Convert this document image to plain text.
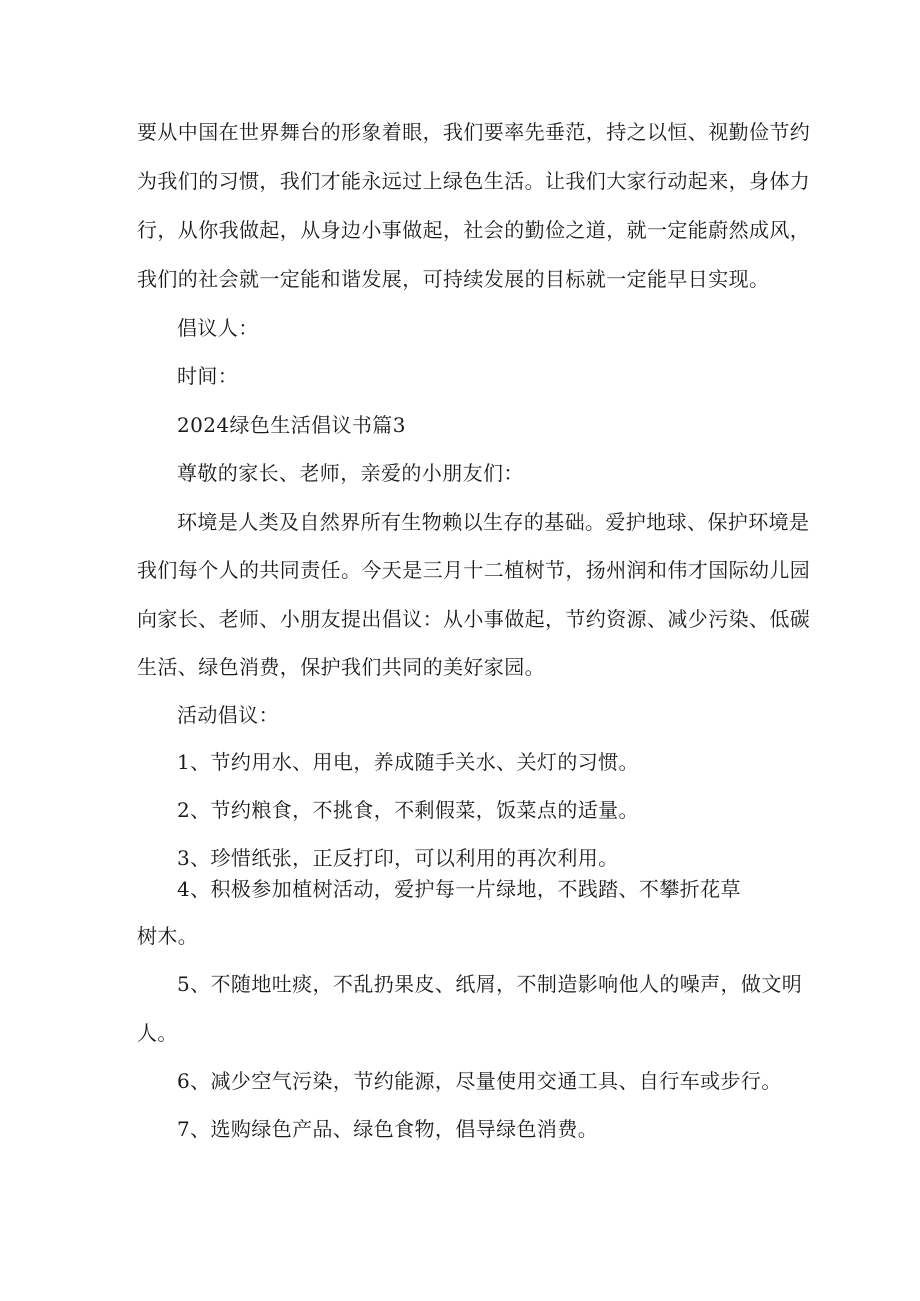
要从中国在世界舞台的形象着眼，我们要率先垂范，持之以恒、视勤俭节约
为我们的习惯，我们才能永远过上绿色生活。让我们大家行动起来，身体力
行，从你我做起，从身边小事做起，社会的勤俭之道，就一定能蔚然成风，
我们的社会就一定能和谐发展，可持续发展的目标就一定能早日实现。
倡议人：
时间：
2024绿色生活倡议书篇3
尊敬的家长、老师，亲爱的小朋友们：
环境是人类及自然界所有生物赖以生存的基础。爱护地球、保护环境是
我们每个人的共同责任。今天是三月十二植树节，扬州润和伟才国际幼儿园
向家长、老师、小朋友提出倡议：从小事做起，节约资源、减少污染、低碳
生活、绿色消费，保护我们共同的美好家园。
活动倡议：
1、节约用水、用电，养成随手关水、关灯的习惯。
2、节约粮食，不挑食，不剩假菜，饭菜点的适量。
3、珍惜纸张，正反打印，可以利用的再次利用。
4、积极参加植树活动，爱护每一片绿地，不践踏、不攀折花草
树木。
5、不随地吐痰，不乱扔果皮、纸屑，不制造影响他人的噪声，做文明
人。
6、减少空气污染，节约能源，尽量使用交通工具、自行车或步行。
7、选购绿色产品、绿色食物，倡导绿色消费。
